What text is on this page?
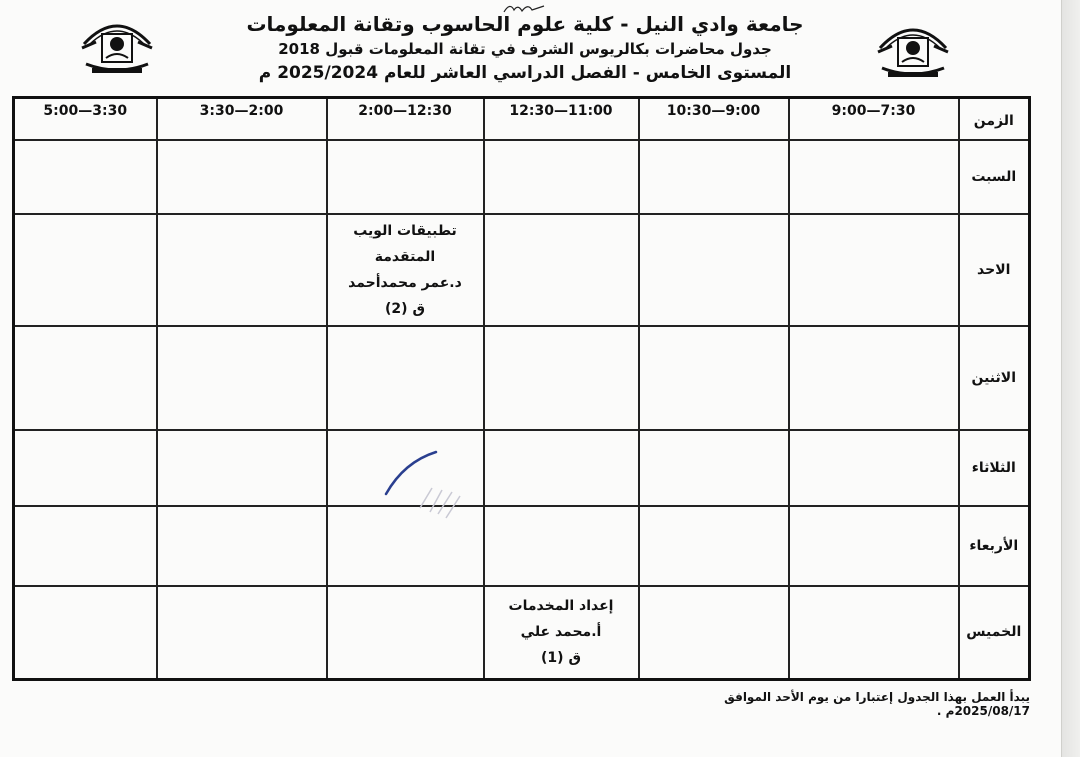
جامعة وادي النيل - كلية علوم الحاسوب وتقانة المعلومات
جدول محاضرات بكالريوس الشرف في تقانة المعلومات قبول 2018
المستوى الخامس - الفصل الدراسي العاشر للعام 2025/2024 م
5:00—3:30	3:30—2:00	2:00—12:30	12:30—11:00	10:30—9:00	9:00—7:30	الزمن
						السبت

		تطبيقات الويب
المتقدمة
د.عمر محمدأحمد
ق (2)				الاحد
						الاثنين
						الثلاثاء
						الأربعاء

			إعداد المخدمات
أ.محمد علي
ق (1)			الخميس
يبدأ العمل بهذا الجدول إعتبارا من يوم الأحد الموافق 2025/08/17م .
